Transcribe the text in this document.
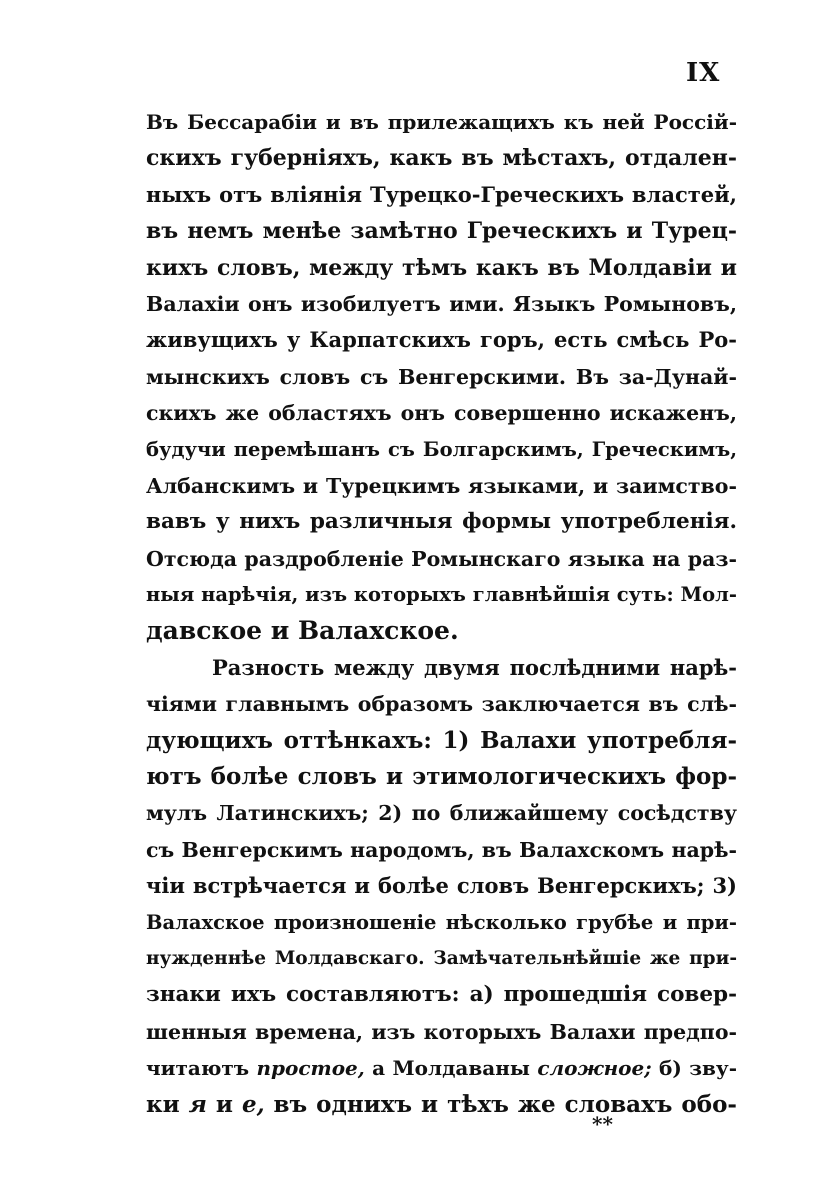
IX
Въ Бессарабіи и въ прилежащихъ къ ней Россій-
скихъ губерніяхъ, какъ въ мѣстахъ, отдален-
ныхъ отъ вліянія Турецко-Греческихъ властей,
въ немъ менѣе замѣтно Греческихъ и Турец-
кихъ словъ, между тѣмъ какъ въ Молдавіи и
Валахіи онъ изобилуетъ ими. Языкъ Ромыновъ,
живущихъ у Карпатскихъ горъ, есть смѣсь Ро-
мынскихъ словъ съ Венгерскими. Въ за-Дунай-
скихъ же областяхъ онъ совершенно искаженъ,
будучи перемѣшанъ съ Болгарскимъ, Греческимъ,
Албанскимъ и Турецкимъ языками, и заимство-
вавъ у нихъ различныя формы употребленія.
Отсюда раздробленіе Ромынскаго языка на раз-
ныя нарѣчія, изъ которыхъ главнѣйшія суть: Мол-
давское и Валахское.
Разность между двумя послѣдними нарѣ-
чіями главнымъ образомъ заключается въ слѣ-
дующихъ оттѣнкахъ: 1) Валахи употребля-
ютъ болѣе словъ и этимологическихъ фор-
мулъ Латинскихъ; 2) по ближайшему сосѣдству
съ Венгерскимъ народомъ, въ Валахскомъ нарѣ-
чіи встрѣчается и болѣе словъ Венгерскихъ; 3)
Валахское произношеніе нѣсколько грубѣе и при-
нужденнѣе Молдавскаго. Замѣчательнѣйшіе же при-
знаки ихъ составляютъ: а) прошедшія совер-
шенныя времена, изъ которыхъ Валахи предпо-
читаютъ простое, а Молдаваны сложное; б) зву-
ки я и е, въ однихъ и тѣхъ же словахъ обо-
**
